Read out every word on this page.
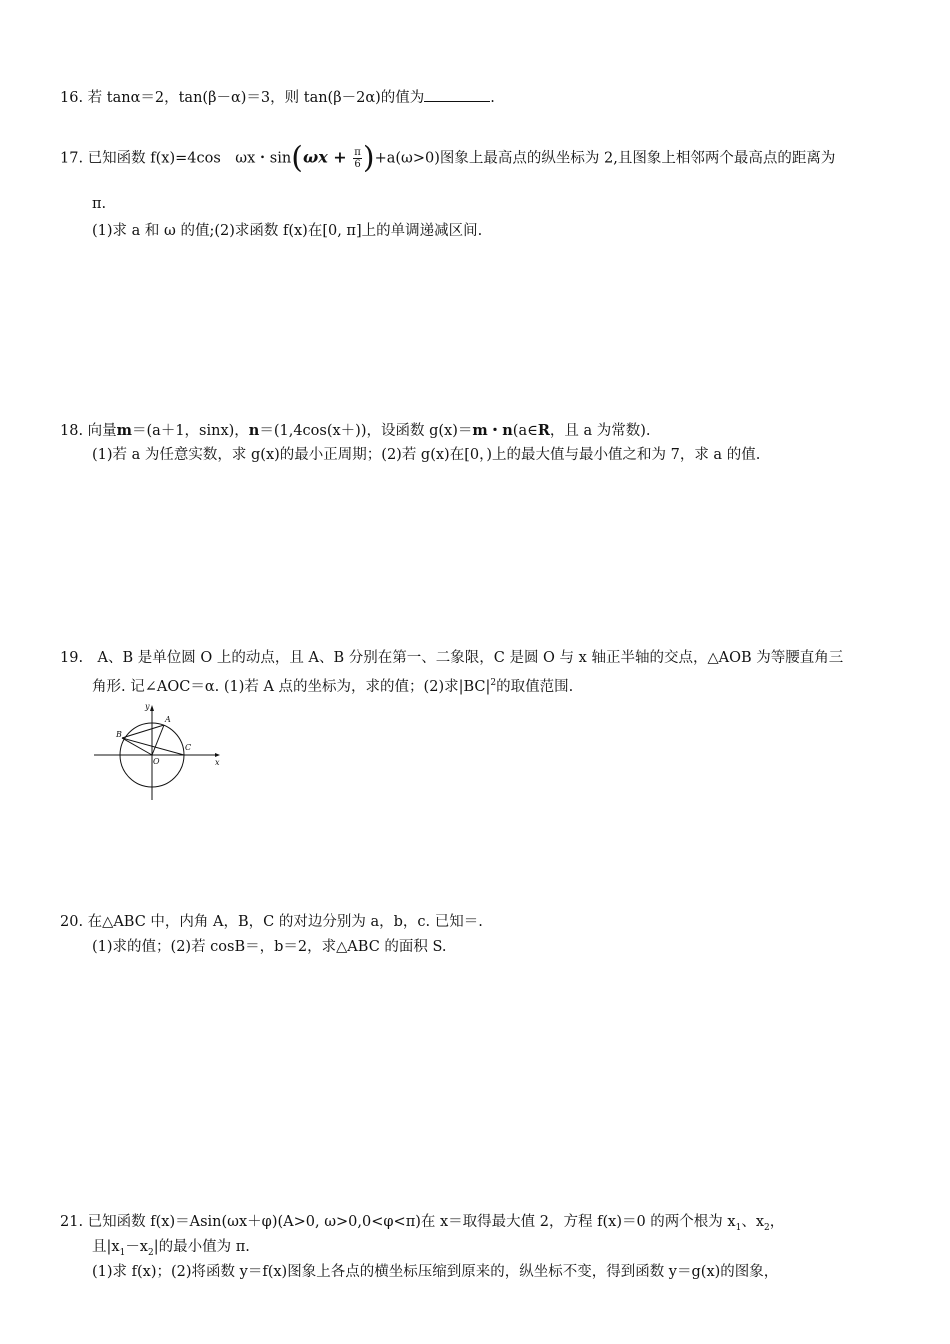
16. 若 tanα＝2，tan(β－α)＝3，则 tan(β－2α)的值为	.
17. 已知函数 f(x)=4cos　ωx・$\sin(\omega x + \frac{\pi}{6} )+a(\omega>0)$图象上最高点的纵坐标为 2,且图象上相邻两个最高点的距离为
π.
(1)求 a 和 ω 的值;(2)求函数 f(x)在[0, π]上的单调递减区间.
18. 向量m＝(a＋1，sinx)，n＝(1,4cos(x＋))，设函数 g(x)＝m・n(a∈R，且 a 为常数).
(1)若 a 为任意实数，求 g(x)的最小正周期；(2)若 g(x)在[0，)上的最大值与最小值之和为 7，求 a 的值.
19.　A、B 是单位圆 O 上的动点，且 A、B 分别在第一、二象限，C 是圆 O 与 x 轴正半轴的交点，△AOB 为等腰直角三
角形. 记∠AOC＝α. (1)若 A 点的坐标为，求的值；(2)求$|BC|^2$的取值范围.
y
x
A
B
C
O
20. 在△ABC 中，内角 A，B，C 的对边分别为 a，b，c. 已知＝.
(1)求的值；(2)若 cosB＝，b＝2，求△ABC 的面积 S.
21. 已知函数 f(x)＝Asin(ωx＋φ)(A>0, ω>0,0<φ<π)在 x＝取得最大值 2，方程 f(x)＝0 的两个根为 $x_1$、$x_2$，
且$|x_1-x_2|$的最小值为 π.
(1)求 f(x)；(2)将函数 y＝f(x)图象上各点的横坐标压缩到原来的，纵坐标不变，得到函数 y＝g(x)的图象，
